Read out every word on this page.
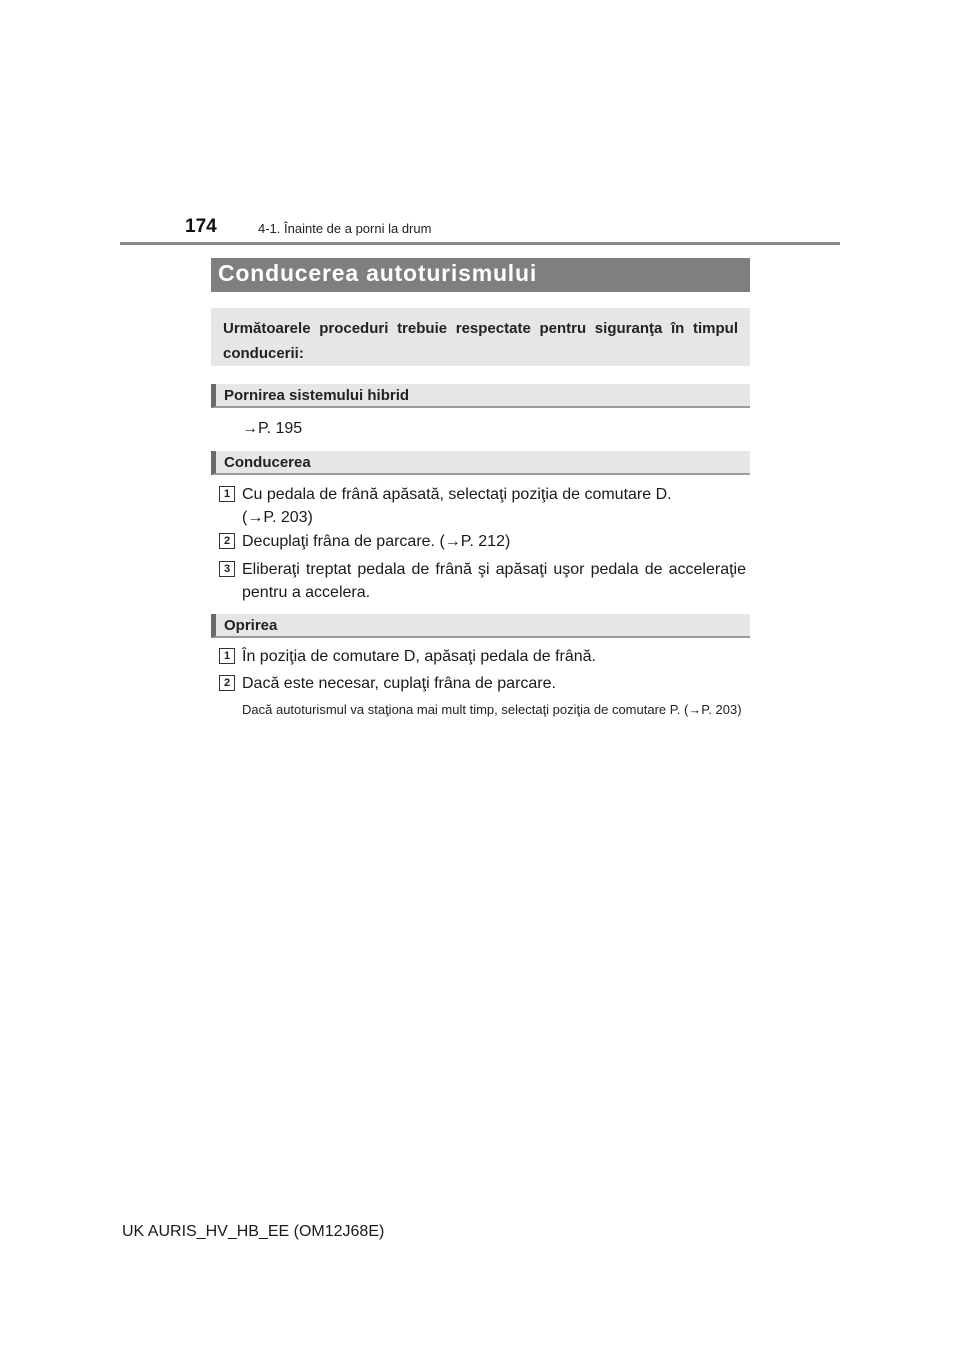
174	4-1. Înainte de a porni la drum
Conducerea autoturismului
Următoarele proceduri trebuie respectate pentru siguranţa în timpul conducerii:
Pornirea sistemului hibrid
→P. 195
Conducerea
1 Cu pedala de frână apăsată, selectaţi poziţia de comutare D.
(→P. 203)
2 Decuplaţi frâna de parcare. (→P. 212)
3 Eliberaţi treptat pedala de frână şi apăsaţi uşor pedala de acceleraţie pentru a accelera.
Oprirea
1 În poziţia de comutare D, apăsaţi pedala de frână.
2 Dacă este necesar, cuplaţi frâna de parcare.
Dacă autoturismul va staţiona mai mult timp, selectaţi poziţia de comutare P. (→P. 203)
UK AURIS_HV_HB_EE (OM12J68E)
